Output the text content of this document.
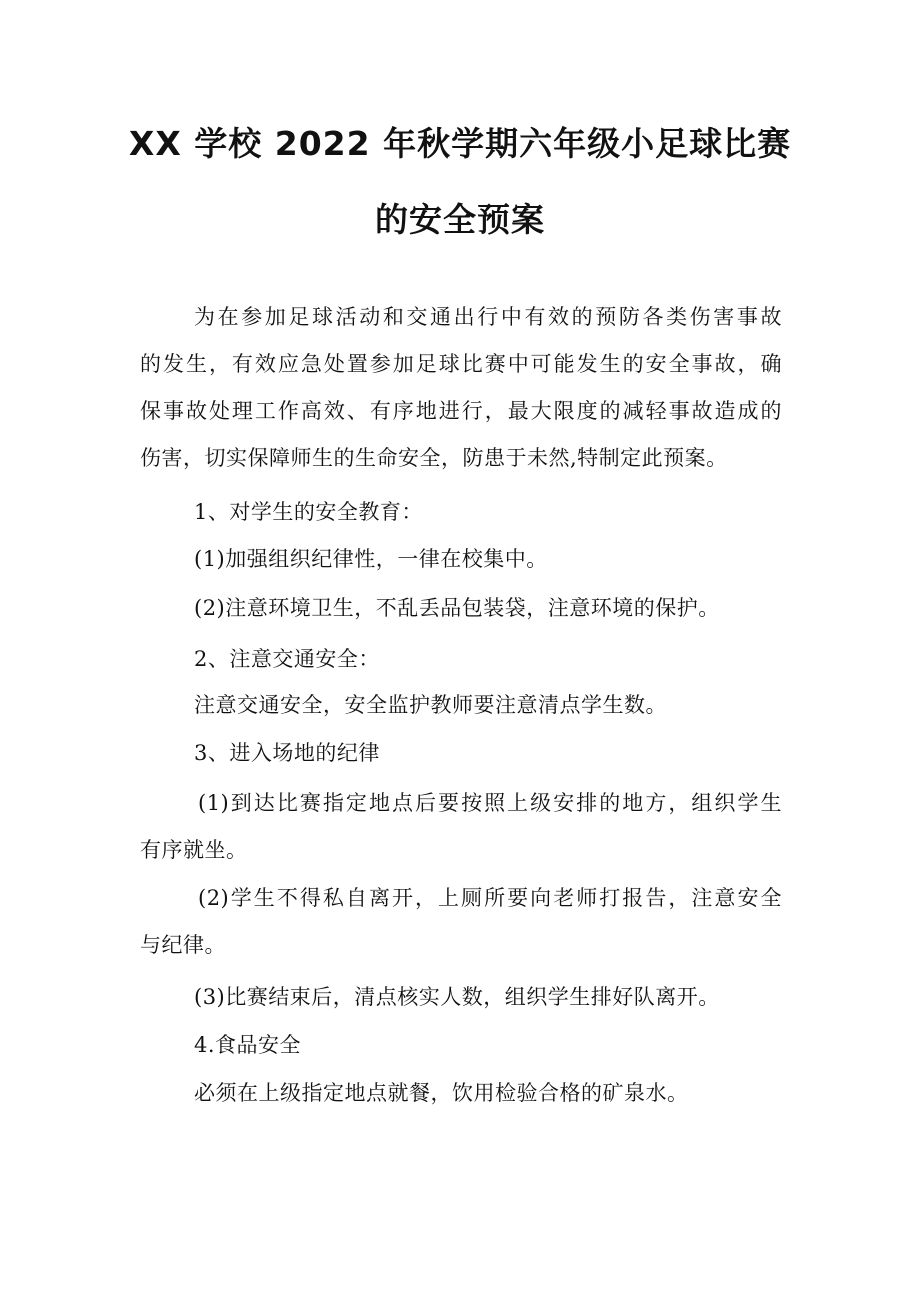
XX 学校 2022 年秋学期六年级小足球比赛
的安全预案
为在参加足球活动和交通出行中有效的预防各类伤害事故
的发生，有效应急处置参加足球比赛中可能发生的安全事故，确
保事故处理工作高效、有序地进行，最大限度的减轻事故造成的
伤害，切实保障师生的生命安全，防患于未然,特制定此预案。
1、对学生的安全教育：
(1)加强组织纪律性，一律在校集中。
(2)注意环境卫生，不乱丢品包装袋，注意环境的保护。
2、注意交通安全：
注意交通安全，安全监护教师要注意清点学生数。
3、进入场地的纪律
(1)到达比赛指定地点后要按照上级安排的地方，组织学生
有序就坐。
(2)学生不得私自离开，上厕所要向老师打报告，注意安全
与纪律。
(3)比赛结束后，清点核实人数，组织学生排好队离开。
4.食品安全
必须在上级指定地点就餐，饮用检验合格的矿泉水。
